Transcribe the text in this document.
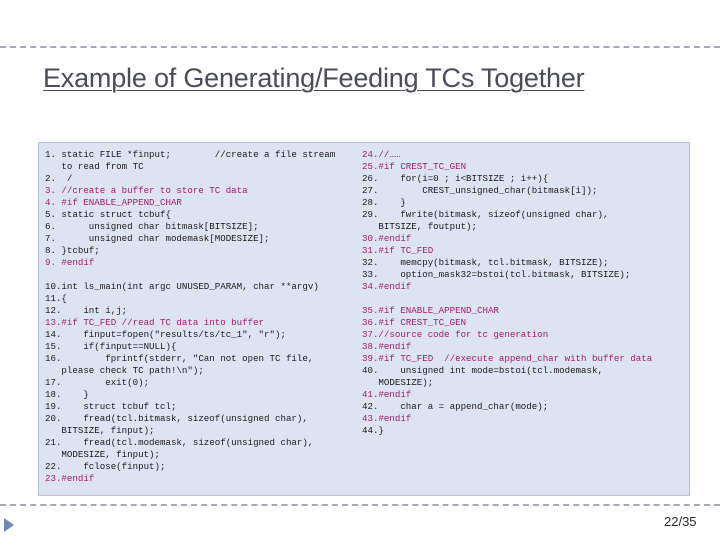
Example of Generating/Feeding TCs Together
1. static FILE *finput;        //create a file stream
to read from TC
2.  /
3. //create a buffer to store TC data
4. #if ENABLE_APPEND_CHAR
5. static struct tcbuf{
6.      unsigned char bitmask[BITSIZE];
7.      unsigned char modemask[MODESIZE];
8. }tcbuf;
9. #endif
10.int ls_main(int argc UNUSED_PARAM, char **argv)
11.{
12.    int i,j;
13.#if TC_FED //read TC data into buffer
14.    finput=fopen("results/ts/tc_1", "r");
15.    if(finput==NULL){
16.        fprintf(stderr, "Can not open TC file,
please check TC path!\n");
17.        exit(0);
18.    }
19.    struct tcbuf tcl;
20.    fread(tcl.bitmask, sizeof(unsigned char),
BITSIZE, finput);
21.    fread(tcl.modemask, sizeof(unsigned char),
MODESIZE, finput);
22.    fclose(finput);
23.#endif
24.//……
25.#if CREST_TC_GEN
26.    for(i=0 ; i<BITSIZE ; i++){
27.        CREST_unsigned_char(bitmask[i]);
28.    }
29.    fwrite(bitmask, sizeof(unsigned char),
BITSIZE, foutput);
30.#endif
31.#if TC_FED
32.    memcpy(bitmask, tcl.bitmask, BITSIZE);
33.    option_mask32=bstoi(tcl.bitmask, BITSIZE);
34.#endif
35.#if ENABLE_APPEND_CHAR
36.#if CREST_TC_GEN
37.//source code for tc generation
38.#endif
39.#if TC_FED  //execute append_char with buffer data
40.    unsigned int mode=bstoi(tcl.modemask,
MODESIZE);
41.#endif
42.    char a = append_char(mode);
43.#endif
44.}
22/35
